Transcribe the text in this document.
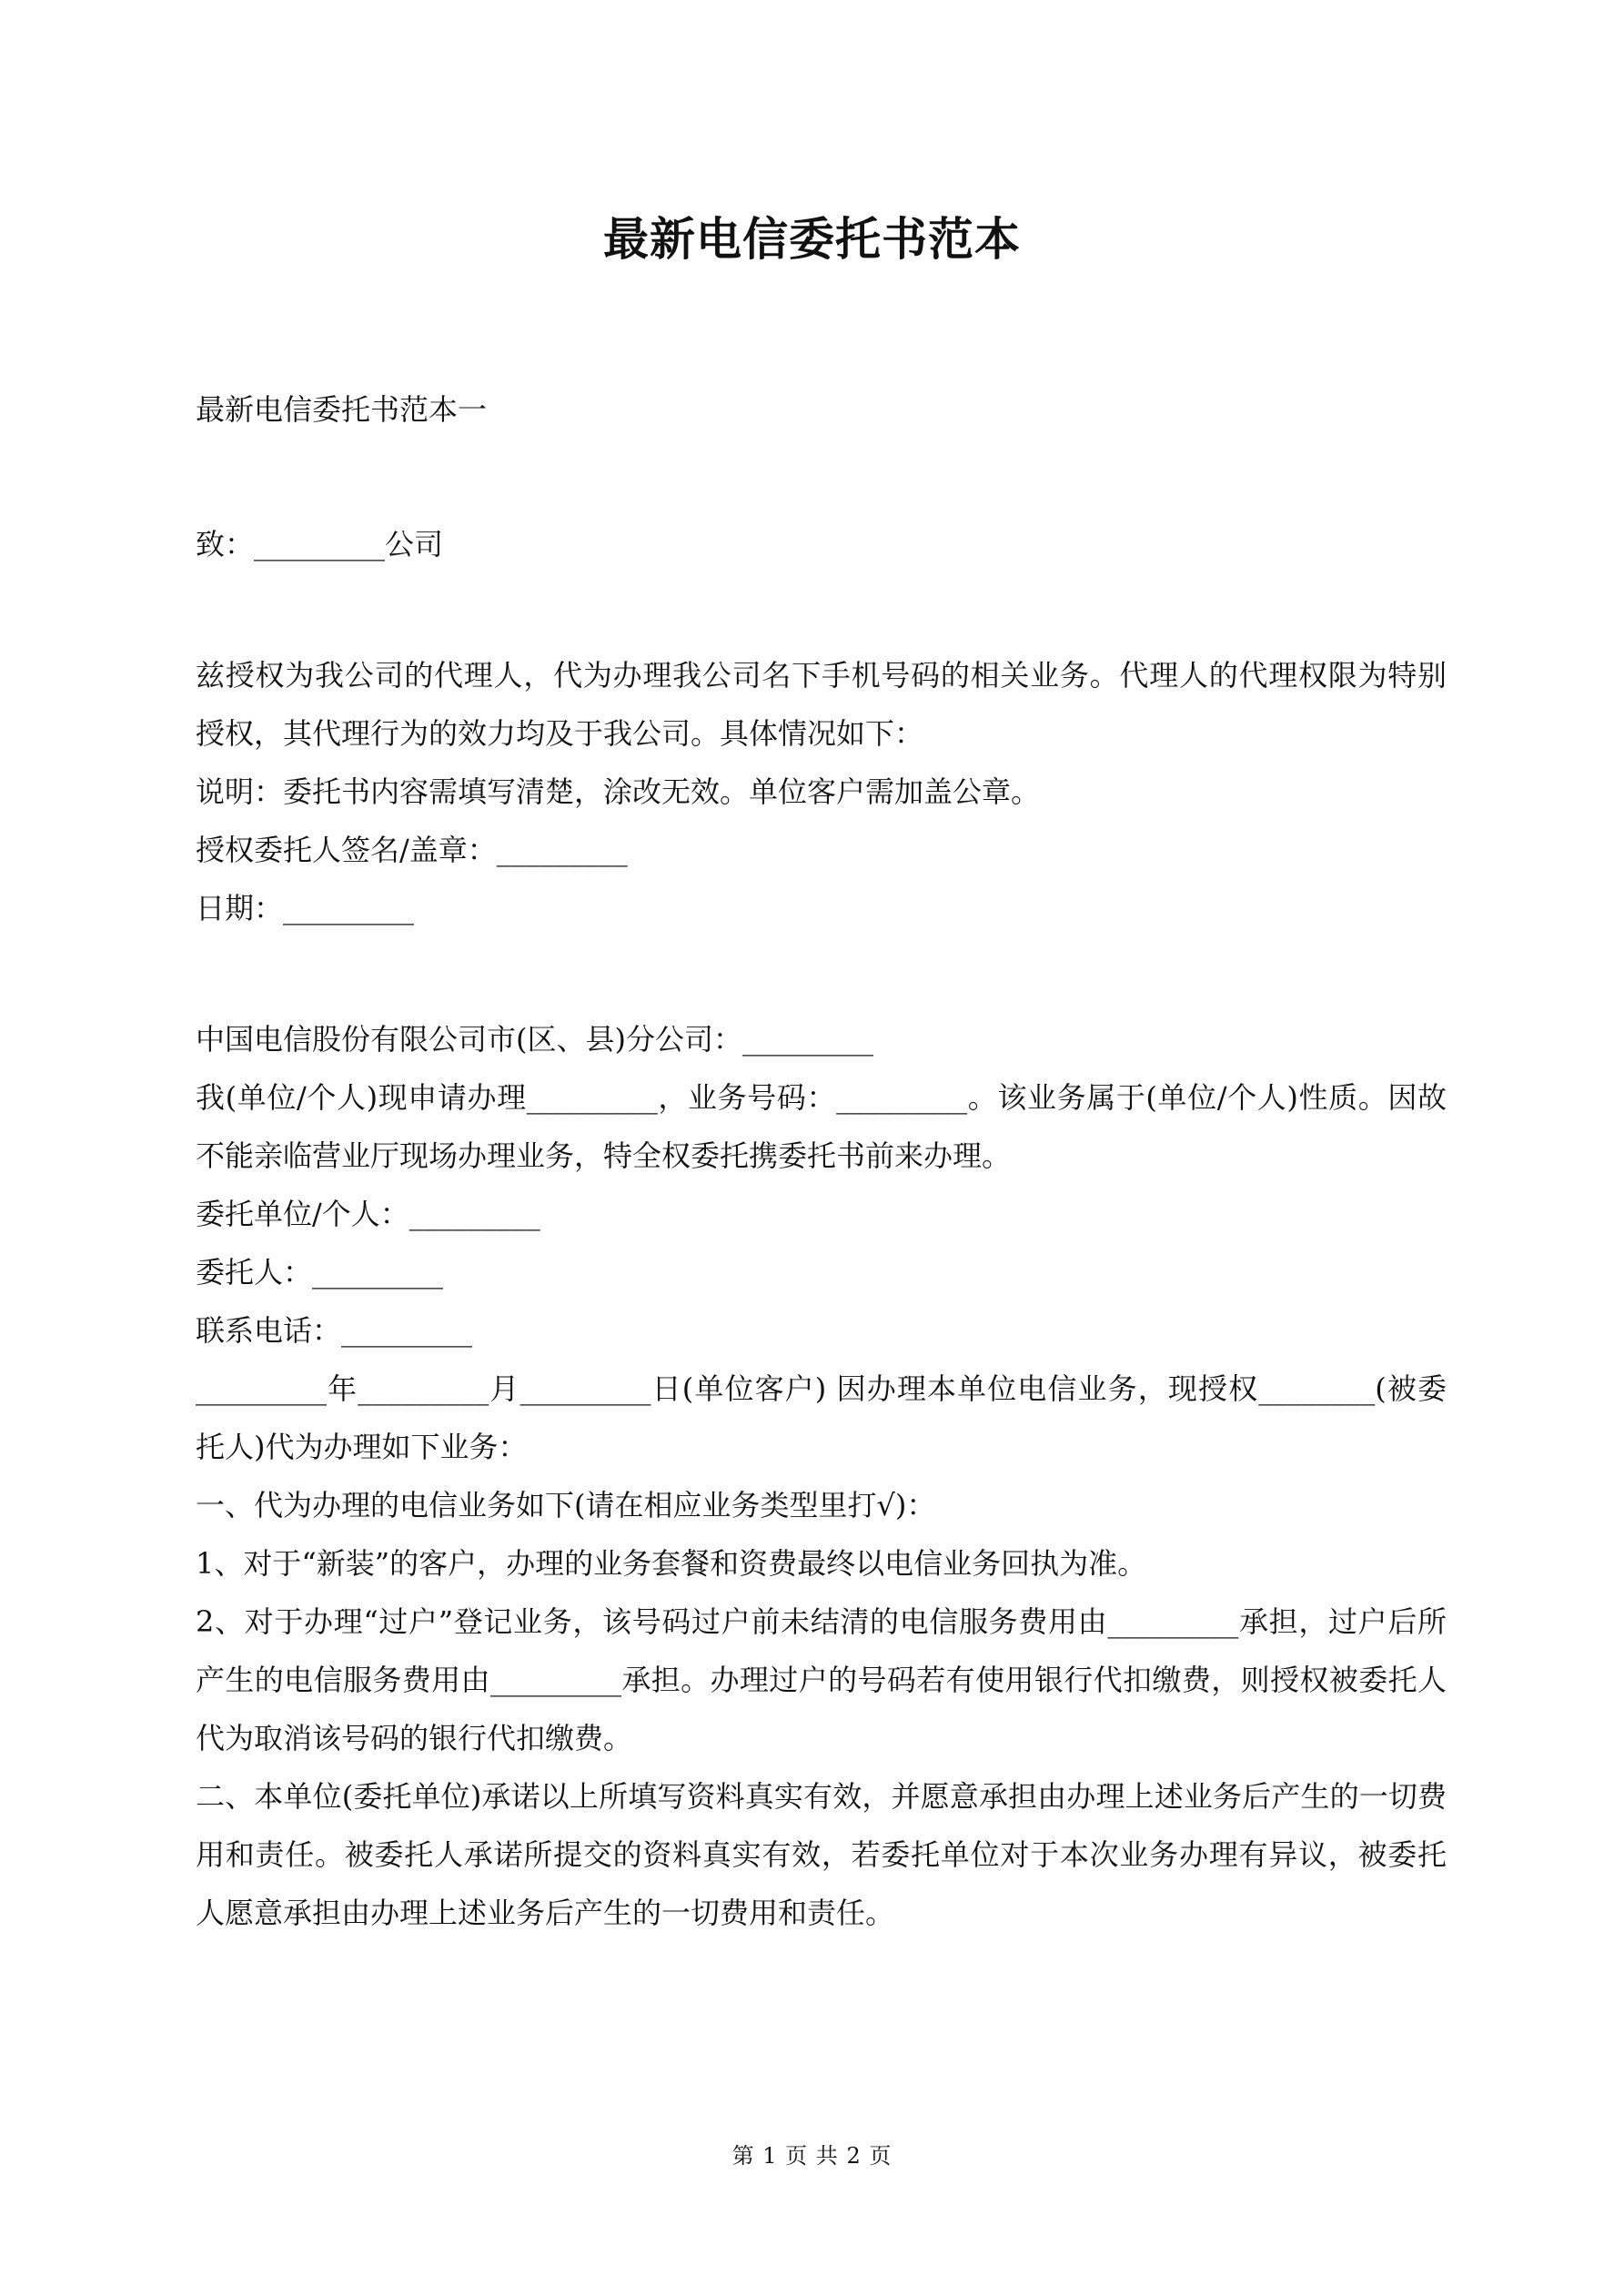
最新电信委托书范本

最新电信委托书范本一

致：_________公司

兹授权为我公司的代理人，代为办理我公司名下手机号码的相关业务。代理人的代理权限为特别授权，其代理行为的效力均及于我公司。具体情况如下：

说明：委托书内容需填写清楚，涂改无效。单位客户需加盖公章。

授权委托人签名/盖章：_________

日期：_________

中国电信股份有限公司市(区、县)分公司：_________

我(单位/个人)现申请办理_________，业务号码：_________。该业务属于(单位/个人)性质。因故不能亲临营业厅现场办理业务，特全权委托携委托书前来办理。

委托单位/个人：_________

委托人：_________

联系电话：_________

_________年_________月_________日(单位客户) 因办理本单位电信业务，现授权________(被委托人)代为办理如下业务：

一、代为办理的电信业务如下(请在相应业务类型里打√)：

1、对于“新装”的客户，办理的业务套餐和资费最终以电信业务回执为准。

2、对于办理“过户”登记业务，该号码过户前未结清的电信服务费用由_________承担，过户后所产生的电信服务费用由_________承担。办理过户的号码若有使用银行代扣缴费，则授权被委托人代为取消该号码的银行代扣缴费。

二、本单位(委托单位)承诺以上所填写资料真实有效，并愿意承担由办理上述业务后产生的一切费用和责任。被委托人承诺所提交的资料真实有效，若委托单位对于本次业务办理有异议，被委托人愿意承担由办理上述业务后产生的一切费用和责任。

第 1 页 共 2 页
